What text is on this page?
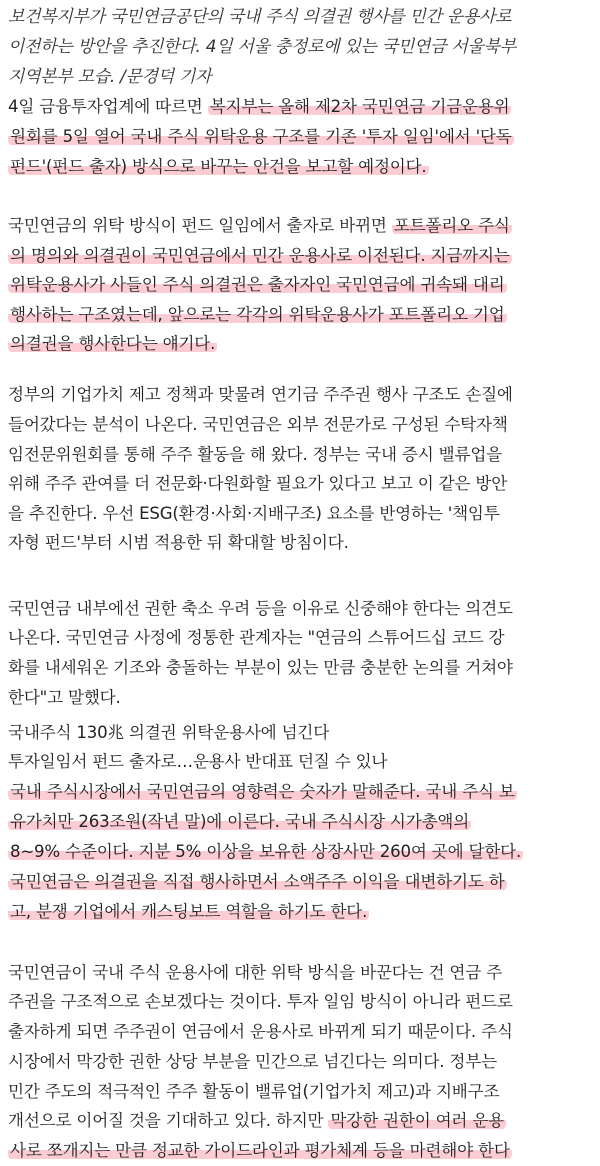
보건복지부가 국민연금공단의 국내 주식 의결권 행사를 민간 운용사로
이전하는 방안을 추진한다. 4일 서울 충정로에 있는 국민연금 서울북부
지역본부 모습. /문경덕 기자
4일 금융투자업계에 따르면 복지부는 올해 제2차 국민연금 기금운용위
원회를 5일 열어 국내 주식 위탁운용 구조를 기존 '투자 일임'에서 '단독
펀드'(펀드 출자) 방식으로 바꾸는 안건을 보고할 예정이다.
국민연금의 위탁 방식이 펀드 일임에서 출자로 바뀌면 포트폴리오 주식
의 명의와 의결권이 국민연금에서 민간 운용사로 이전된다. 지금까지는
위탁운용사가 사들인 주식 의결권은 출자자인 국민연금에 귀속돼 대리
행사하는 구조였는데, 앞으로는 각각의 위탁운용사가 포트폴리오 기업
의결권을 행사한다는 얘기다.
정부의 기업가치 제고 정책과 맞물려 연기금 주주권 행사 구조도 손질에
들어갔다는 분석이 나온다. 국민연금은 외부 전문가로 구성된 수탁자책
임전문위원회를 통해 주주 활동을 해 왔다. 정부는 국내 증시 밸류업을
위해 주주 관여를 더 전문화·다원화할 필요가 있다고 보고 이 같은 방안
을 추진한다. 우선 ESG(환경·사회·지배구조) 요소를 반영하는 '책임투
자형 펀드'부터 시범 적용한 뒤 확대할 방침이다.
국민연금 내부에선 권한 축소 우려 등을 이유로 신중해야 한다는 의견도
나온다. 국민연금 사정에 정통한 관계자는 "연금의 스튜어드십 코드 강
화를 내세워온 기조와 충돌하는 부분이 있는 만큼 충분한 논의를 거쳐야
한다"고 말했다.
국내주식 130兆 의결권 위탁운용사에 넘긴다
투자일임서 펀드 출자로…운용사 반대표 던질 수 있나
국내 주식시장에서 국민연금의 영향력은 숫자가 말해준다. 국내 주식 보
유가치만 263조원(작년 말)에 이른다. 국내 주식시장 시가총액의
8~9% 수준이다. 지분 5% 이상을 보유한 상장사만 260여 곳에 달한다.
국민연금은 의결권을 직접 행사하면서 소액주주 이익을 대변하기도 하
고, 분쟁 기업에서 캐스팅보트 역할을 하기도 한다.
국민연금이 국내 주식 운용사에 대한 위탁 방식을 바꾼다는 건 연금 주
주권을 구조적으로 손보겠다는 것이다. 투자 일임 방식이 아니라 펀드로
출자하게 되면 주주권이 연금에서 운용사로 바뀌게 되기 때문이다. 주식
시장에서 막강한 권한 상당 부분을 민간으로 넘긴다는 의미다. 정부는
민간 주도의 적극적인 주주 활동이 밸류업(기업가치 제고)과 지배구조
개선으로 이어질 것을 기대하고 있다. 하지만 막강한 권한이 여러 운용
사로 쪼개지는 만큼 정교한 가이드라인과 평가체계 등을 마련해야 한다
